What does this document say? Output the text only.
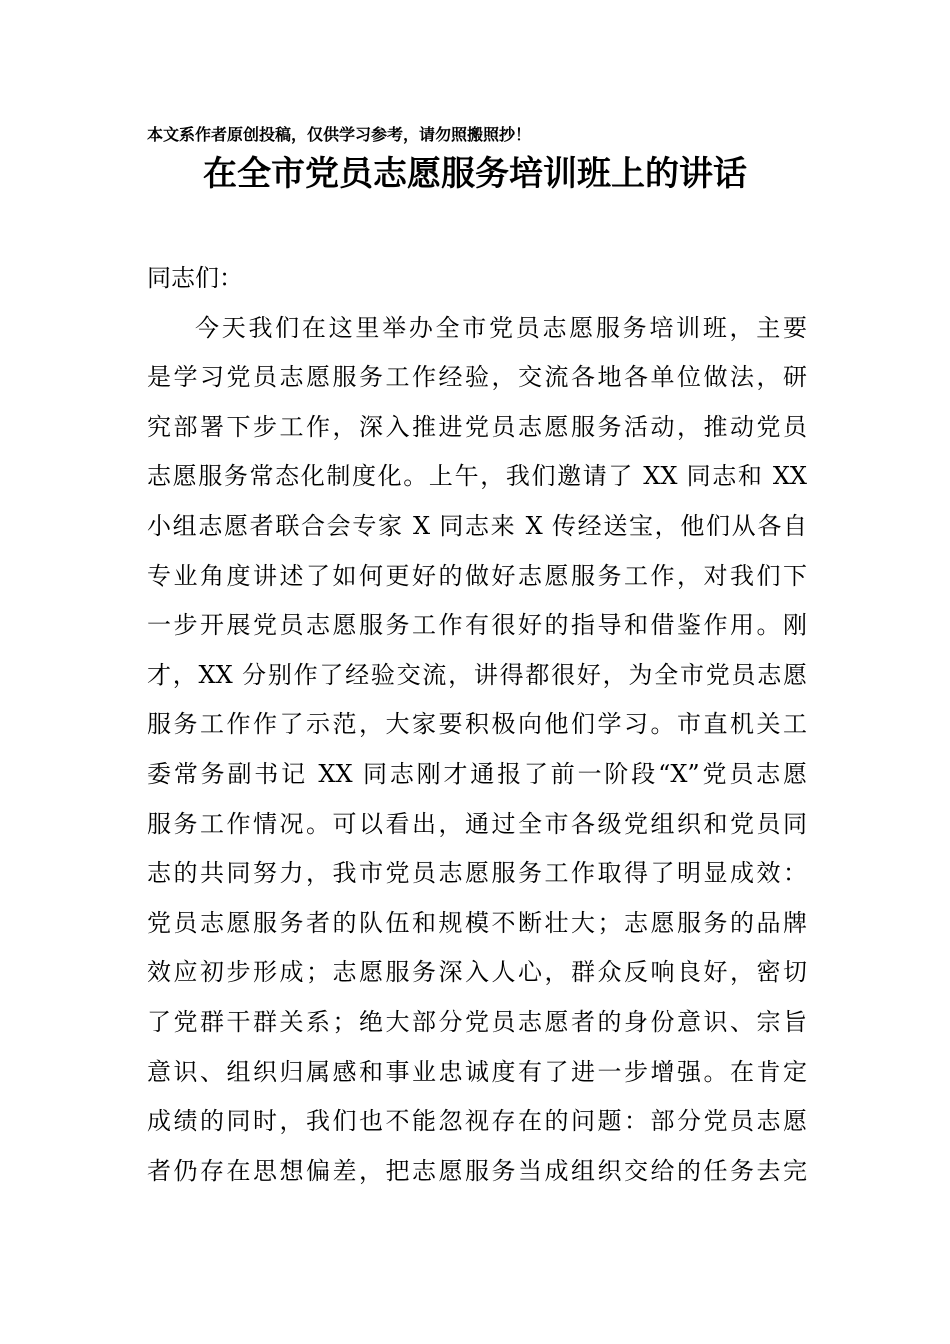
本文系作者原创投稿，仅供学习参考，请勿照搬照抄！
在全市党员志愿服务培训班上的讲话
同志们：
今天我们在这里举办全市党员志愿服务培训班，主要
是学习党员志愿服务工作经验，交流各地各单位做法，研
究部署下步工作，深入推进党员志愿服务活动，推动党员
志愿服务常态化制度化。上午，我们邀请了 XX 同志和 XX
小组志愿者联合会专家 X 同志来 X 传经送宝，他们从各自
专业角度讲述了如何更好的做好志愿服务工作，对我们下
一步开展党员志愿服务工作有很好的指导和借鉴作用。刚
才，XX 分别作了经验交流，讲得都很好，为全市党员志愿
服务工作作了示范，大家要积极向他们学习。市直机关工
委常务副书记 XX 同志刚才通报了前一阶段“X”党员志愿
服务工作情况。可以看出，通过全市各级党组织和党员同
志的共同努力，我市党员志愿服务工作取得了明显成效：
党员志愿服务者的队伍和规模不断壮大；志愿服务的品牌
效应初步形成；志愿服务深入人心，群众反响良好，密切
了党群干群关系；绝大部分党员志愿者的身份意识、宗旨
意识、组织归属感和事业忠诚度有了进一步增强。在肯定
成绩的同时，我们也不能忽视存在的问题：部分党员志愿
者仍存在思想偏差，把志愿服务当成组织交给的任务去完
